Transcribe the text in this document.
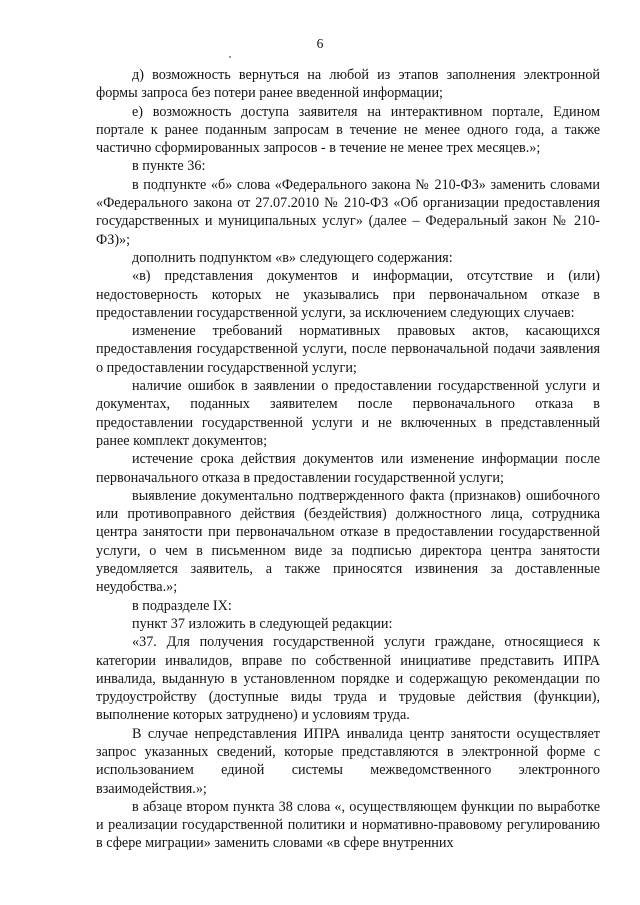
6

д) возможность вернуться на любой из этапов заполнения электронной формы запроса без потери ранее введенной информации;

е) возможность доступа заявителя на интерактивном портале, Едином портале к ранее поданным запросам в течение не менее одного года, а также частично сформированных запросов - в течение не менее трех месяцев.»;

в пункте 36:

в подпункте «б» слова «Федерального закона № 210-ФЗ» заменить словами «Федерального закона от 27.07.2010 № 210-ФЗ «Об организации предоставления государственных и муниципальных услуг» (далее – Федеральный закон № 210-ФЗ)»;

дополнить подпунктом «в» следующего содержания:

«в) представления документов и информации, отсутствие и (или) недостоверность которых не указывались при первоначальном отказе в предоставлении государственной услуги, за исключением следующих случаев:

изменение требований нормативных правовых актов, касающихся предоставления государственной услуги, после первоначальной подачи заявления о предоставлении государственной услуги;

наличие ошибок в заявлении о предоставлении государственной услуги и документах, поданных заявителем после первоначального отказа в предоставлении государственной услуги и не включенных в представленный ранее комплект документов;

истечение срока действия документов или изменение информации после первоначального отказа в предоставлении государственной услуги;

выявление документально подтвержденного факта (признаков) ошибочного или противоправного действия (бездействия) должностного лица, сотрудника центра занятости при первоначальном отказе в предоставлении государственной услуги, о чем в письменном виде за подписью директора центра занятости уведомляется заявитель, а также приносятся извинения за доставленные неудобства.»;

в подразделе IX:

пункт 37 изложить в следующей редакции:

«37. Для получения государственной услуги граждане, относящиеся к категории инвалидов, вправе по собственной инициативе представить ИПРА инвалида, выданную в установленном порядке и содержащую рекомендации по трудоустройству (доступные виды труда и трудовые действия (функции), выполнение которых затруднено) и условиям труда.

В случае непредставления ИПРА инвалида центр занятости осуществляет запрос указанных сведений, которые представляются в электронной форме с использованием единой системы межведомственного электронного взаимодействия.»;

в абзаце втором пункта 38 слова «, осуществляющем функции по выработке и реализации государственной политики и нормативно-правовому регулированию в сфере миграции» заменить словами «в сфере внутренних
